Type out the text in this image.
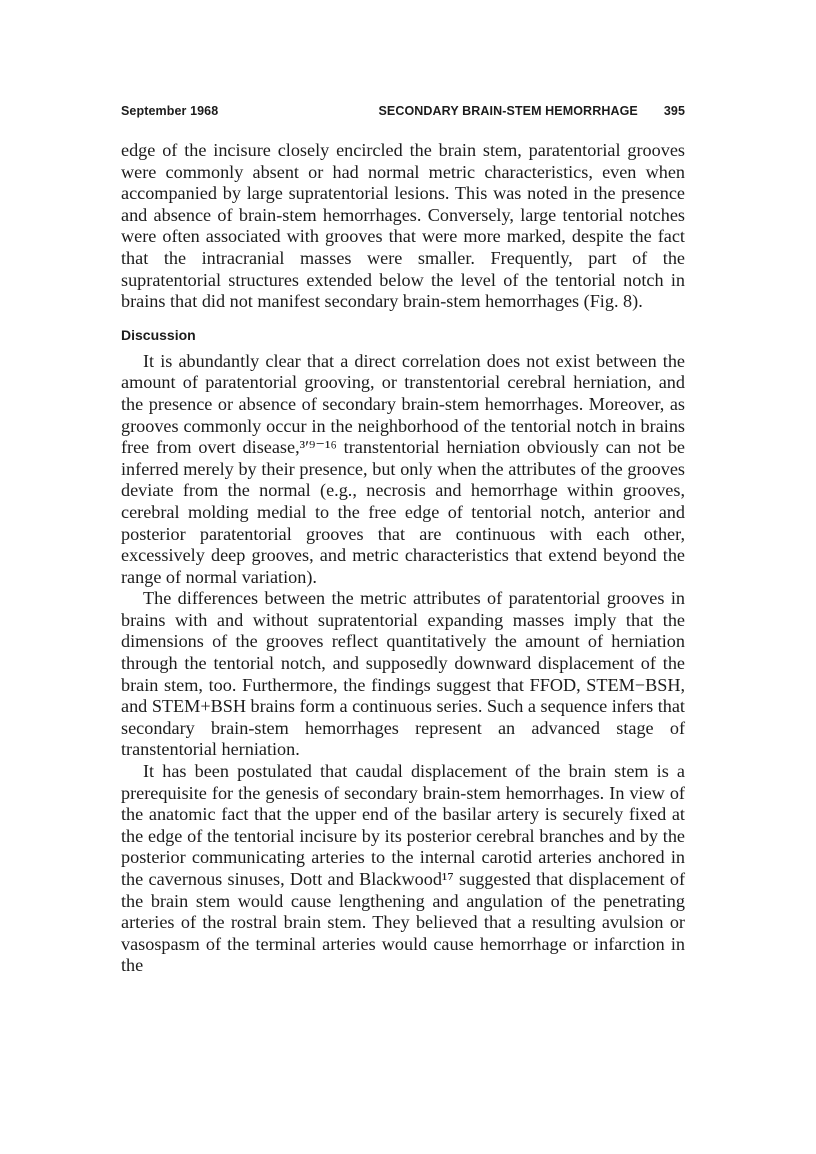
September 1968	SECONDARY BRAIN-STEM HEMORRHAGE 395

edge of the incisure closely encircled the brain stem, paratentorial grooves were commonly absent or had normal metric characteristics, even when accompanied by large supratentorial lesions. This was noted in the presence and absence of brain-stem hemorrhages. Conversely, large tentorial notches were often associated with grooves that were more marked, despite the fact that the intracranial masses were smaller. Frequently, part of the supratentorial structures extended below the level of the tentorial notch in brains that did not manifest secondary brain-stem hemorrhages (Fig. 8).

Discussion

It is abundantly clear that a direct correlation does not exist between the amount of paratentorial grooving, or transtentorial cerebral herniation, and the presence or absence of secondary brain-stem hemorrhages. Moreover, as grooves commonly occur in the neighborhood of the tentorial notch in brains free from overt disease,³ʹ⁹⁻¹⁶ transtentorial herniation obviously can not be inferred merely by their presence, but only when the attributes of the grooves deviate from the normal (e.g., necrosis and hemorrhage within grooves, cerebral molding medial to the free edge of tentorial notch, anterior and posterior paratentorial grooves that are continuous with each other, excessively deep grooves, and metric characteristics that extend beyond the range of normal variation).

The differences between the metric attributes of paratentorial grooves in brains with and without supratentorial expanding masses imply that the dimensions of the grooves reflect quantitatively the amount of herniation through the tentorial notch, and supposedly downward displacement of the brain stem, too. Furthermore, the findings suggest that FFOD, STEM−BSH, and STEM+BSH brains form a continuous series. Such a sequence infers that secondary brain-stem hemorrhages represent an advanced stage of transtentorial herniation.

It has been postulated that caudal displacement of the brain stem is a prerequisite for the genesis of secondary brain-stem hemorrhages. In view of the anatomic fact that the upper end of the basilar artery is securely fixed at the edge of the tentorial incisure by its posterior cerebral branches and by the posterior communicating arteries to the internal carotid arteries anchored in the cavernous sinuses, Dott and Blackwood¹⁷ suggested that displacement of the brain stem would cause lengthening and angulation of the penetrating arteries of the rostral brain stem. They believed that a resulting avulsion or vasospasm of the terminal arteries would cause hemorrhage or infarction in the
